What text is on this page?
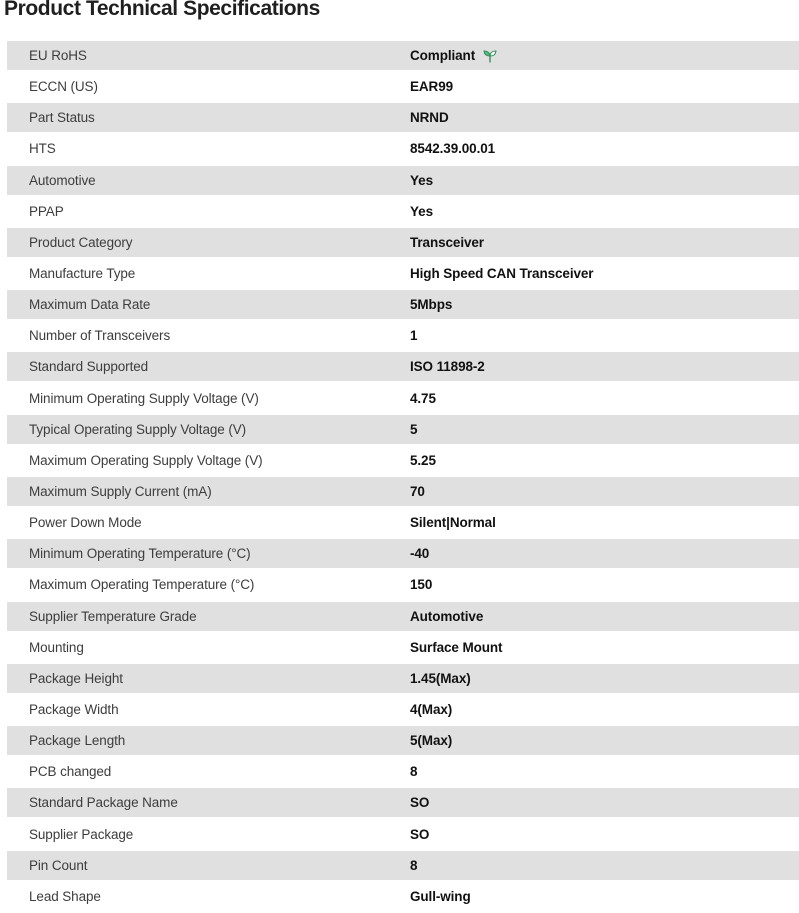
Product Technical Specifications
EU RoHS	Compliant
ECCN (US)	EAR99
Part Status	NRND
HTS	8542.39.00.01
Automotive	Yes
PPAP	Yes
Product Category	Transceiver
Manufacture Type	High Speed CAN Transceiver
Maximum Data Rate	5Mbps
Number of Transceivers	1
Standard Supported	ISO 11898-2
Minimum Operating Supply Voltage (V)	4.75
Typical Operating Supply Voltage (V)	5
Maximum Operating Supply Voltage (V)	5.25
Maximum Supply Current (mA)	70
Power Down Mode	Silent|Normal
Minimum Operating Temperature (°C)	-40
Maximum Operating Temperature (°C)	150
Supplier Temperature Grade	Automotive
Mounting	Surface Mount
Package Height	1.45(Max)
Package Width	4(Max)
Package Length	5(Max)
PCB changed	8
Standard Package Name	SO
Supplier Package	SO
Pin Count	8
Lead Shape	Gull-wing
